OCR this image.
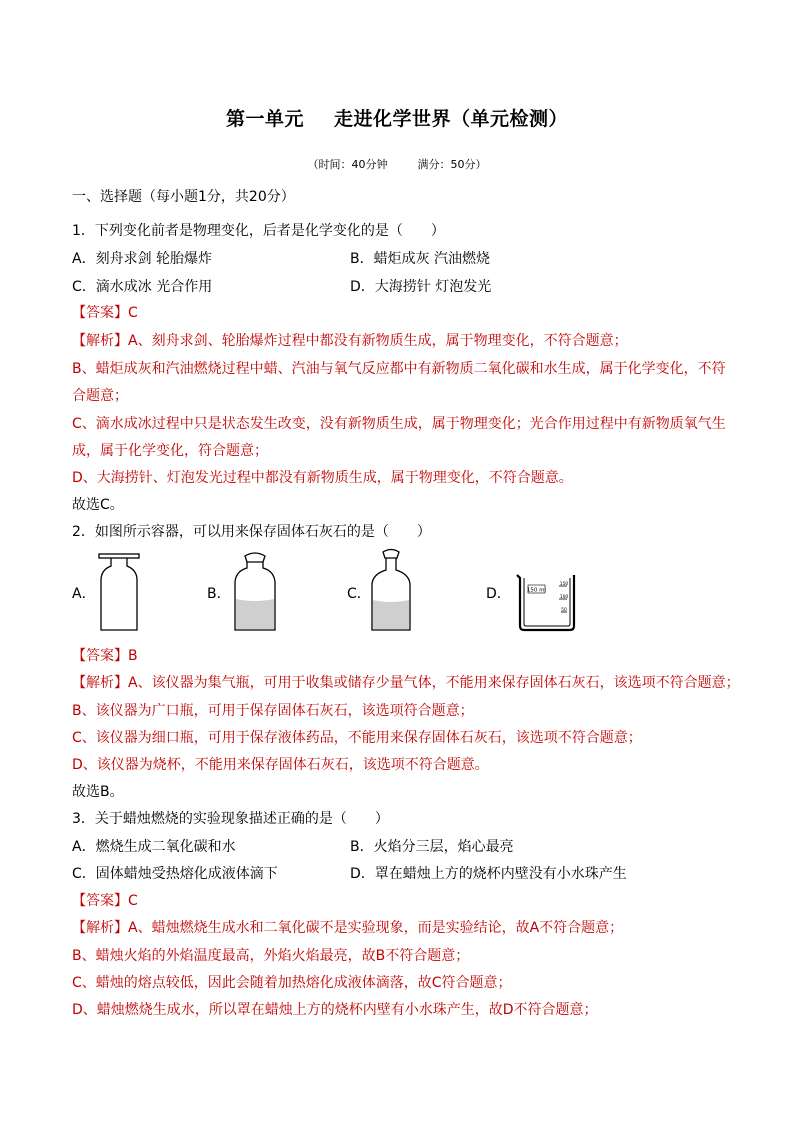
第一单元 走进化学世界（单元检测）
（时间：40分钟	满分：50分）
一、选择题（每小题1分，共20分）
1．下列变化前者是物理变化，后者是化学变化的是（　　）
A．刻舟求剑 轮胎爆炸	B．蜡炬成灰 汽油燃烧
C．滴水成冰 光合作用	D．大海捞针 灯泡发光
【答案】C
【解析】A、刻舟求剑、轮胎爆炸过程中都没有新物质生成，属于物理变化，不符合题意；
B、蜡炬成灰和汽油燃烧过程中蜡、汽油与氧气反应都中有新物质二氧化碳和水生成，属于化学变化，不符
合题意；
C、滴水成冰过程中只是状态发生改变，没有新物质生成，属于物理变化；光合作用过程中有新物质氧气生
成，属于化学变化，符合题意；
D、大海捞针、灯泡发光过程中都没有新物质生成，属于物理变化，不符合题意。
故选C。
2．如图所示容器，可以用来保存固体石灰石的是（　　）
A．	B．	C．	D．	150 ml
150
100
50
【答案】B
【解析】A、该仪器为集气瓶，可用于收集或储存少量气体，不能用来保存固体石灰石，该选项不符合题意；
B、该仪器为广口瓶，可用于保存固体石灰石，该选项符合题意；
C、该仪器为细口瓶，可用于保存液体药品，不能用来保存固体石灰石，该选项不符合题意；
D、该仪器为烧杯，不能用来保存固体石灰石，该选项不符合题意。
故选B。
3．关于蜡烛燃烧的实验现象描述正确的是（　　）
A．燃烧生成二氧化碳和水	B．火焰分三层，焰心最亮
C．固体蜡烛受热熔化成液体滴下	D．罩在蜡烛上方的烧杯内壁没有小水珠产生
【答案】C
【解析】A、蜡烛燃烧生成水和二氧化碳不是实验现象，而是实验结论，故A不符合题意；
B、蜡烛火焰的外焰温度最高，外焰火焰最亮，故B不符合题意；
C、蜡烛的熔点较低，因此会随着加热熔化成液体滴落，故C符合题意；
D、蜡烛燃烧生成水，所以罩在蜡烛上方的烧杯内壁有小水珠产生，故D不符合题意；
